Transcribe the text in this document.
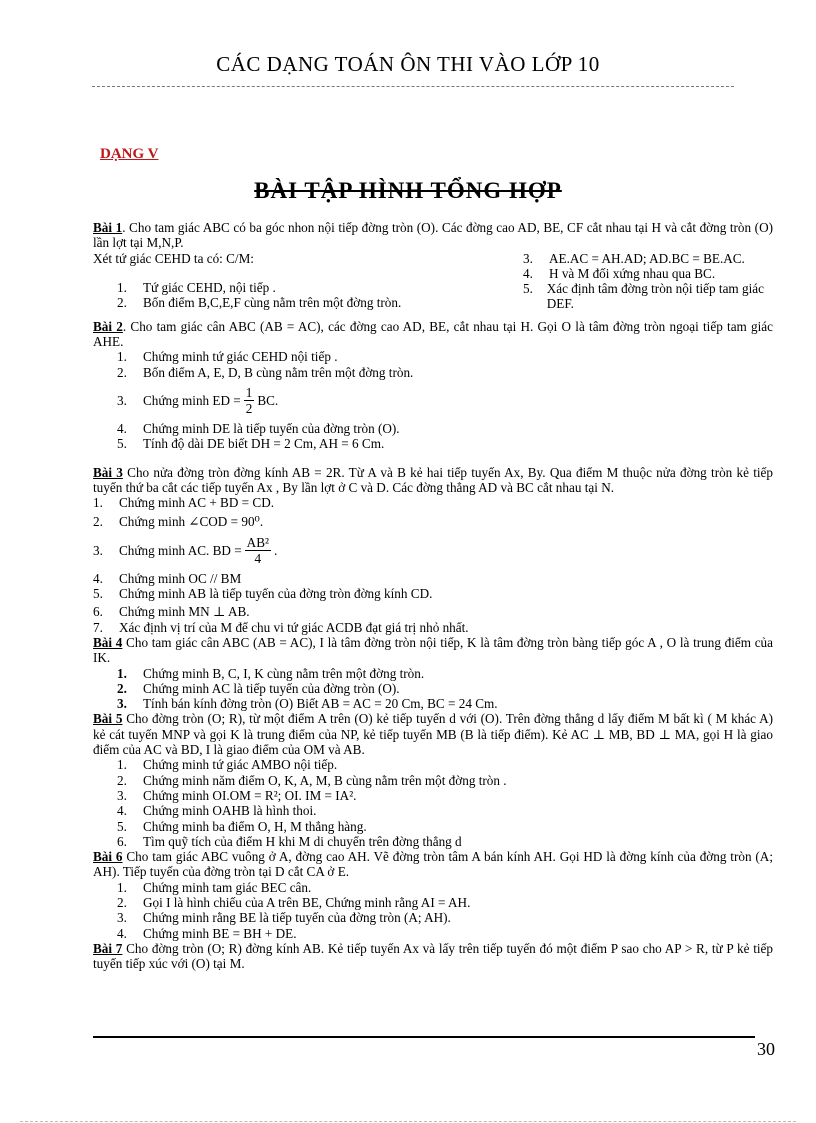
CÁC DẠNG TOÁN ÔN THI VÀO LỚP 10
DẠNG V
BÀI TẬP HÌNH TỔNG HỢP

Bài 1. Cho tam giác ABC có ba góc nhon nội tiếp đờng tròn (O). Các đờng cao AD, BE, CF cắt nhau tại H và cắt đờng tròn (O) lần lợt tại M,N,P.

Xét tứ giác CEHD ta có: C/M:

1.	Tứ giác CEHD, nội tiếp .
2.	Bốn điểm B,C,E,F cùng nằm trên một đờng tròn.
3.	AE.AC = AH.AD; AD.BC = BE.AC.
4.	H và M đối xứng nhau qua BC.
5.	Xác định tâm đờng tròn nội tiếp tam giác DEF.

Bài 2. Cho tam giác cân ABC (AB = AC), các đờng cao AD, BE, cắt nhau tại H. Gọi O là tâm đờng tròn ngoại tiếp tam giác AHE.

1.	Chứng minh tứ giác CEHD nội tiếp .
2.	Bốn điểm A, E, D, B cùng nằm trên một đờng tròn.
3.	Chứng minh ED = $\frac{1}{2}$ BC.
4.	Chứng minh DE là tiếp tuyến của đờng tròn (O).
5.	Tính độ dài DE biết DH = 2 Cm, AH = 6 Cm.

Bài 3 Cho nửa đờng tròn đờng kính AB = 2R. Từ A và B kẻ hai tiếp tuyến Ax, By. Qua điểm M thuộc nửa đờng tròn kẻ tiếp tuyến thứ ba cắt các tiếp tuyến Ax , By lần lợt ở C và D. Các đờng thẳng AD và BC cắt nhau tại N.

1.	Chứng minh AC + BD = CD.
2.	Chứng minh ∠COD = 90⁰.
3.	Chứng minh AC. BD = $\frac{\text{AB²}}{4}$ .
4.	Chứng minh OC // BM
5.	Chứng minh AB là tiếp tuyến của đờng tròn đờng kính CD.
6.	Chứng minh MN ⊥ AB.
7.	Xác định vị trí của M để chu vi tứ giác ACDB đạt giá trị nhỏ nhất.

Bài 4 Cho tam giác cân ABC (AB = AC), I là tâm đờng tròn nội tiếp, K là tâm đờng tròn bàng tiếp góc A , O là trung điểm của IK.

1.	Chứng minh B, C, I, K cùng nằm trên một đờng tròn.
2.	Chứng minh AC là tiếp tuyến của đờng tròn (O).
3.	Tính bán kính đờng tròn (O) Biết AB = AC = 20 Cm, BC = 24 Cm.

Bài 5 Cho đờng tròn (O; R), từ một điểm A trên (O) kẻ tiếp tuyến d với (O). Trên đờng thẳng d lấy điểm M bất kì ( M khác A) kẻ cát tuyến MNP và gọi K là trung điểm của NP, kẻ tiếp tuyến MB (B là tiếp điểm). Kẻ AC ⊥ MB, BD ⊥ MA, gọi H là giao điểm của AC và BD, I là giao điểm của OM và AB.

1.	Chứng minh tứ giác AMBO nội tiếp.
2.	Chứng minh năm điểm O, K, A, M, B cùng nằm trên một đờng tròn .
3.	Chứng minh OI.OM = R²; OI. IM = IA².
4.	Chứng minh OAHB là hình thoi.
5.	Chứng minh ba điểm O, H, M thẳng hàng.
6.	Tìm quỹ tích của điểm H khi M di chuyển trên đờng thẳng d

Bài 6 Cho tam giác ABC vuông ở A, đờng cao AH. Vẽ đờng tròn tâm A bán kính AH. Gọi HD là đờng kính của đờng tròn (A; AH). Tiếp tuyến của đờng tròn tại D cắt CA ở E.

1.	Chứng minh tam giác BEC cân.
2.	Gọi I là hình chiếu của A trên BE, Chứng minh rằng AI = AH.
3.	Chứng minh rằng BE là tiếp tuyến của đờng tròn (A; AH).
4.	Chứng minh BE = BH + DE.

Bài 7 Cho đờng tròn (O; R) đờng kính AB. Kẻ tiếp tuyến Ax và lấy trên tiếp tuyến đó một điểm P sao cho AP > R, từ P kẻ tiếp tuyến tiếp xúc với (O) tại M.

30
